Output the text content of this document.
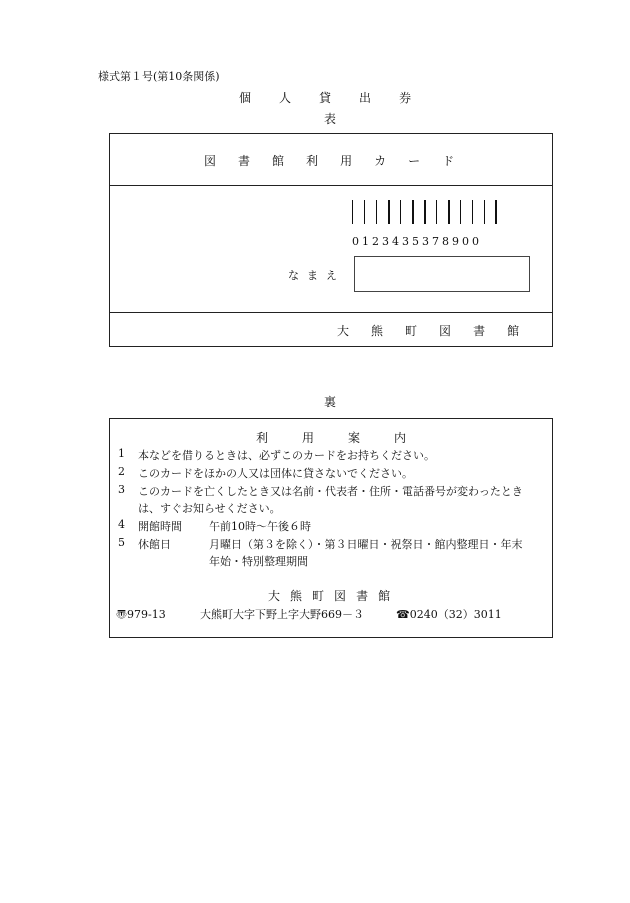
様式第１号(第10条関係)
個 人 貸 出 券
表
図 書 館 利 用 カ ー ド
0123435378900
なまえ
大 熊 町 図 書 館
裏
利	用	案	内
1 本などを借りるときは、必ずこのカードをお持ちください。
2 このカードをほかの人又は団体に貸さないでください。
3 このカードを亡くしたとき又は名前・代表者・住所・電話番号が変わったとき
は、すぐお知らせください。
4 開館時間 午前10時〜午後６時
5 休館日	月曜日（第３を除く）・第３日曜日・祝祭日・館内整理日・年末
年始・特別整理期間
大 熊 町 図 書 館
〠979-13	大熊町大字下野上字大野669－３	☎0240（32）3011
